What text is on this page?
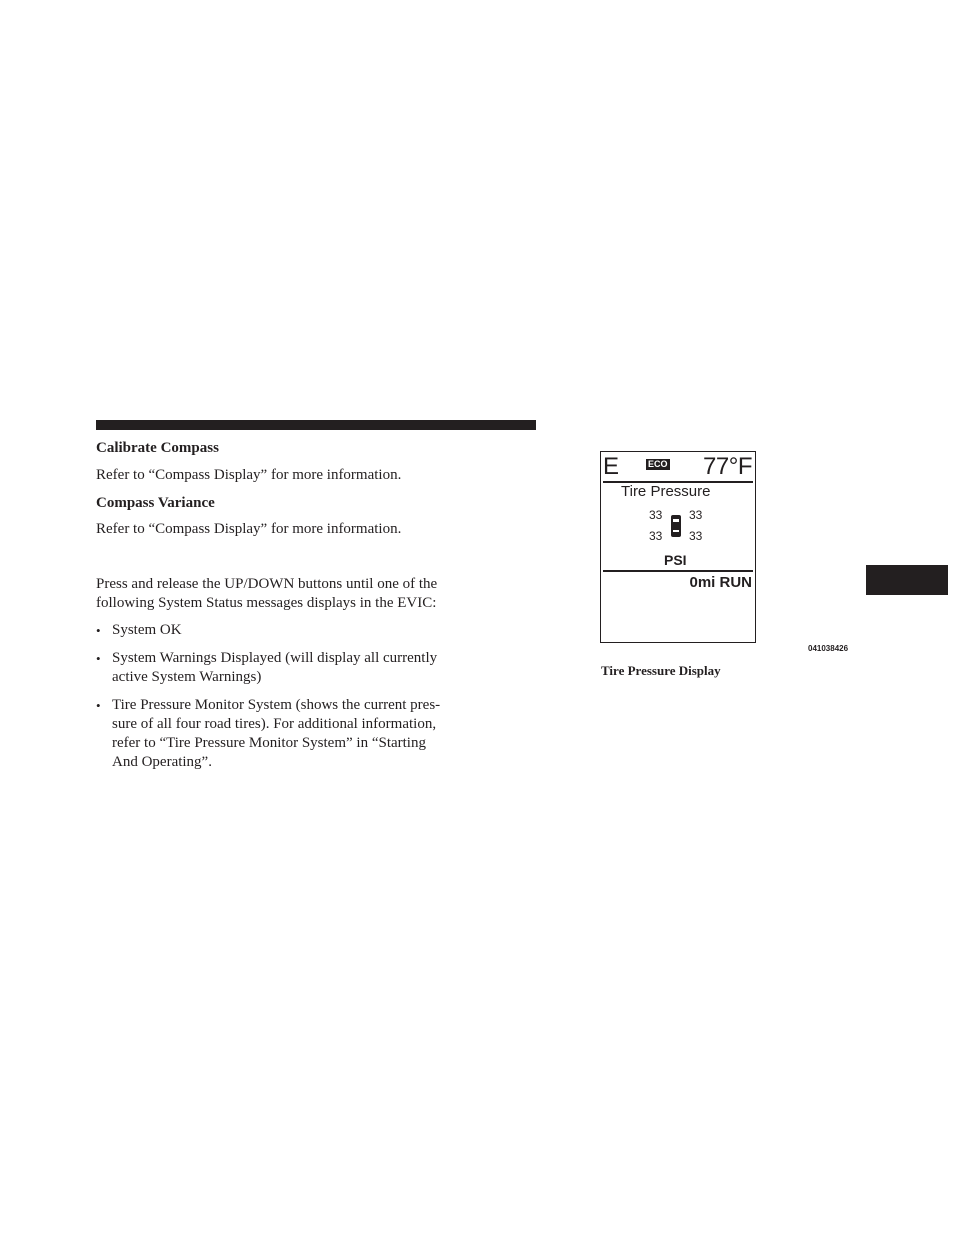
Calibrate Compass
Refer to “Compass Display” for more information.
Compass Variance
Refer to “Compass Display” for more information.
Press and release the UP/DOWN buttons until one of the
following System Status messages displays in the EVIC:
• System OK
• System Warnings Displayed (will display all currently
active System Warnings)
• Tire Pressure Monitor System (shows the current pres-
sure of all four road tires). For additional information,
refer to “Tire Pressure Monitor System” in “Starting
And Operating”.
E	ECO 77°F
Tire Pressure
33 33
33 33
PSI
0mi RUN
041038426
Tire Pressure Display
